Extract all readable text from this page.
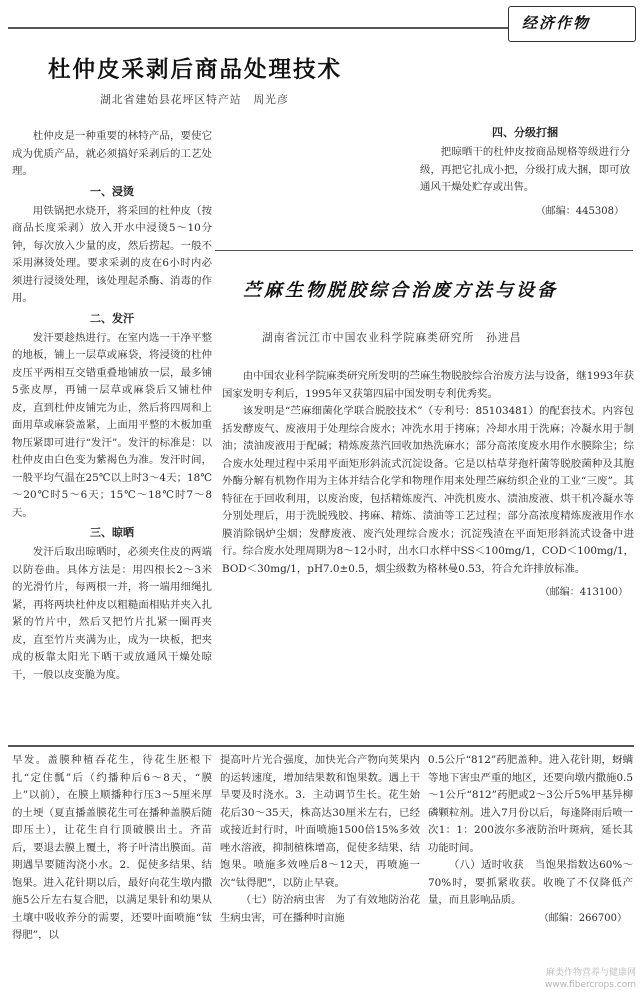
经济作物
杜仲皮采剥后商品处理技术
湖北省建始县花坪区特产站　周光彦

杜仲皮是一种重要的林特产品，要使它成为优质产品，就必须搞好采剥后的工艺处理。

一、浸烫

用铁锅把水烧开，将采回的杜仲皮（按商品长度采剥）放入开水中浸烫5～10分钟，每次放入少量的皮，然后捞起。一般不采用淋烫处理。要求采剥的皮在6小时内必须进行浸烫处理，该处理起杀酶、消毒的作用。

二、发汗

发汗要趁热进行。在室内选一干净平整的地板，铺上一层草或麻袋，将浸烫的杜仲皮压平两相互交错重叠地铺放一层，最多铺5张皮厚，再铺一层草或麻袋后又铺杜仲皮，直到杜仲皮铺完为止，然后将四周和上面用草或麻袋盖紧，上面用平整的木板加重物压紧即可进行“发汗”。发汗的标准是：以杜仲皮由白色变为紫褐色为准。发汗时间，一般平均气温在25℃以上时3～4天；18℃～20℃时5～6天；15℃～18℃时7～8天。

三、晾晒

发汗后取出晾晒时，必须夹住皮的两端以防卷曲。具体方法是：用四根长2～3米的光滑竹片，每两根一并，将一端用细绳扎紧，再将两块杜仲皮以粗糙面相贴并夹入扎紧的竹片中，然后又把竹片扎紧一圈再夹皮，直至竹片夹满为止，成为一块板，把夹成的板靠太阳光下晒干或放通风干燥处晾干，一般以皮变脆为度。

四、分级打捆

把晾晒干的杜仲皮按商品规格等级进行分级，再把它扎成小把，分级打成大捆，即可放通风干燥处贮存或出售。

（邮编：445308）
苎麻生物脱胶综合治废方法与设备
湖南省沅江市中国农业科学院麻类研究所　孙进昌

由中国农业科学院麻类研究所发明的苎麻生物脱胶综合治废方法与设备，继1993年获国家发明专利后，1995年又获第四届中国发明专利优秀奖。

该发明是“苎麻细菌化学联合脱胶技术”（专利号：85103481）的配套技术。内容包括发酵废气、废液用于处理综合废水；冲洗水用于拷麻；冷却水用于洗麻；冷凝水用于制油；渍油废液用于配碱；精炼废蒸汽回收加热洗麻水；部分高浓度废水用作水膜除尘；综合废水处理过程中采用平面矩形斜流式沉淀设备。它是以枯草芽孢杆菌等脱胶菌种及其胞外酶分解有机物作用为主体并结合化学和物理作用来处理苎麻纺织企业的工业“三废”。其特征在于回收利用，以废治废，包括精炼废汽、冲洗机废水、渍油废液、烘干机冷凝水等分别处理后，用于洗脱残胶、拷麻、精炼、渍油等工艺过程；部分高浓度精炼废液用作水膜消除锅炉尘烟；发酵废液、废汽处理综合废水；沉淀残渣在平面矩形斜流式设备中进行。综合废水处理周期为8～12小时，出水口水样中SS＜100mg/1，COD＜100mg/1，BOD＜30mg/1，pH7.0±0.5，烟尘级数为格林曼0.53，符合允许排放标准。

（邮编：413100）

早发。盖膜种植吞花生，待花生胚根下扎“定住瓢”后（约播种后6～8天，“膜上”以前），在膜上顺播种行压3～5厘米厚的土埂（夏直播盖膜花生可在播种盖膜后随即压土），让花生自行顶破膜出土。齐苗后，要退去膜上覆土，将子叶清出膜面。苗期遇旱要随沟浇小水。2．促使多结果、结饱果。进入花针期以后，最好向花生墩内撒施5公斤左右复合肥，以满足果针和幼果从土壤中吸收养分的需要，还要叶面喷施“钛得肥”，以

提高叶片光合强度，加快光合产物向荚果内的运转速度，增加结果数和饱果数。遇上干旱要及时浇水。3．主动调节生长。花生始花后30～35天，株高达30厘米左右，已经或接近封行时，叶面喷施1500倍15%多效唑水溶液，抑制植株增高，促使多结果、结饱果。喷施多效唑后8～12天，再喷施一次“钛得肥”，以防止早衰。

（七）防治病虫害　为了有效地防治花生病虫害，可在播种时亩施

0.5公斤“812”药肥盖种。进入花针期，蚜螨等地下害虫严重的地区，还要向墩内撒施0.5～1公斤“812”药肥或2～3公斤5%甲基异柳磷颗粒剂。进入7月份以后，每逢降雨后喷一次1：1：200波尔多液防治叶斑病，延长其功能时间。

（八）适时收获　当饱果指数达60%～70%时，要抓紧收获。收晚了不仅降低产量，而且影响品质。

（邮编：266700）
麻类作物营养与健康网
www.fibercrops.com
